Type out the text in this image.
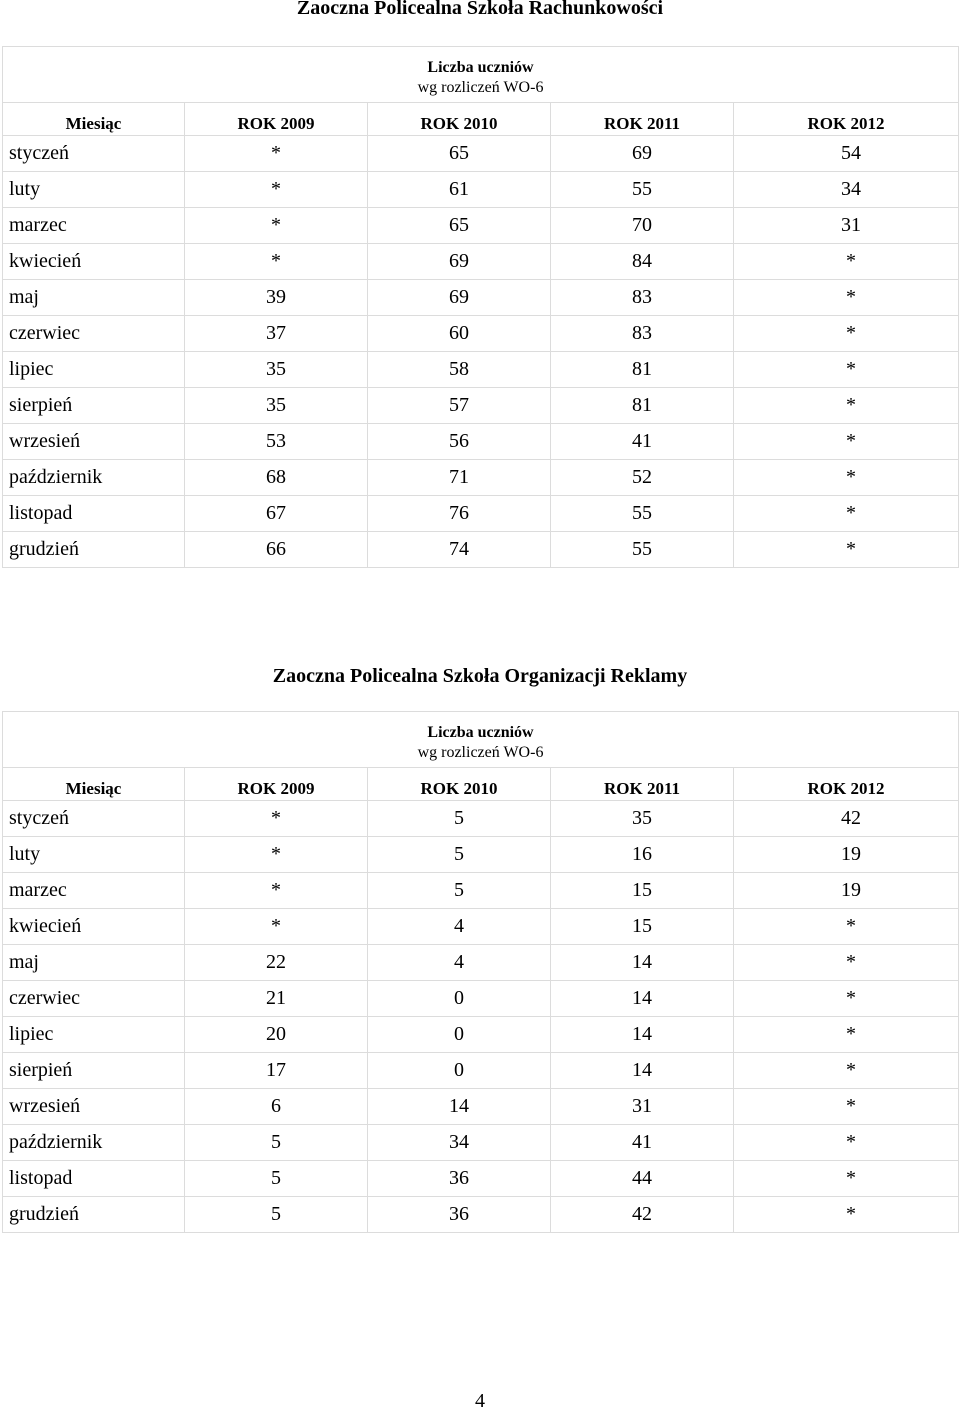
Zaoczna Policealna Szkoła Rachunkowości
Liczba uczniów
wg rozliczeń WO-6				

Miesiąc	ROK 2009	ROK 2010	ROK 2011	ROK 2012
styczeń	*	65	69	54
luty	*	61	55	34
marzec	*	65	70	31
kwiecień	*	69	84	*
maj	39	69	83	*
czerwiec	37	60	83	*
lipiec	35	58	81	*
sierpień	35	57	81	*
wrzesień	53	56	41	*
październik	68	71	52	*
listopad	67	76	55	*
grudzień	66	74	55	*
Zaoczna Policealna Szkoła Organizacji Reklamy
Liczba uczniów
wg rozliczeń WO-6				

Miesiąc	ROK 2009	ROK 2010	ROK 2011	ROK 2012
styczeń	*	5	35	42
luty	*	5	16	19
marzec	*	5	15	19
kwiecień	*	4	15	*
maj	22	4	14	*
czerwiec	21	0	14	*
lipiec	20	0	14	*
sierpień	17	0	14	*
wrzesień	6	14	31	*
październik	5	34	41	*
listopad	5	36	44	*
grudzień	5	36	42	*
4
